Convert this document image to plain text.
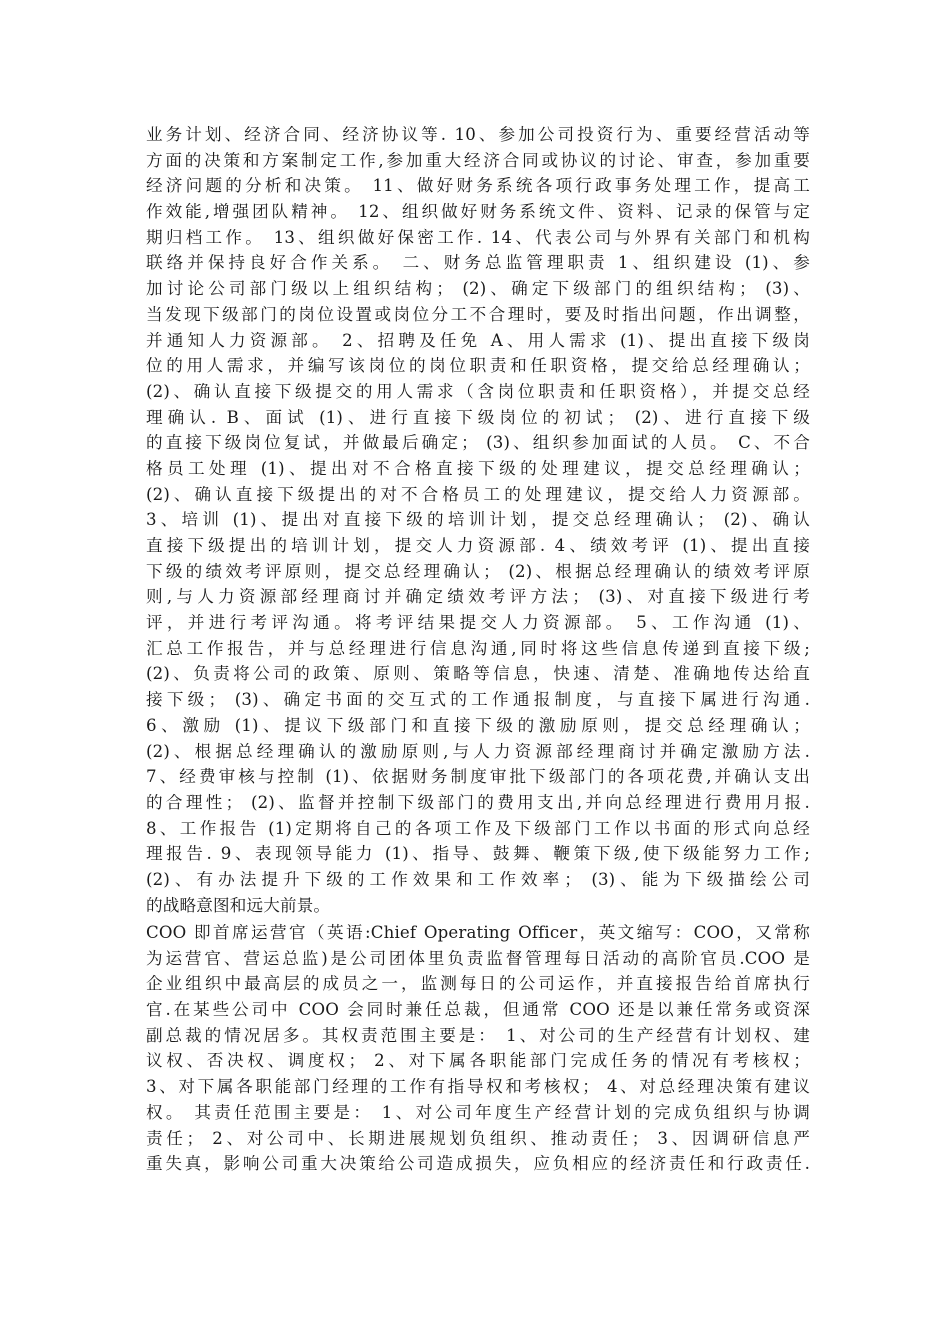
业务计划、经济合同、经济协议等. 10、参加公司投资行为、重要经营活动等
方面的决策和方案制定工作,参加重大经济合同或协议的讨论、审查，参加重要
经济问题的分析和决策。 11、做好财务系统各项行政事务处理工作，提高工
作效能,增强团队精神。 12、组织做好财务系统文件、资料、记录的保管与定
期归档工作。 13、组织做好保密工作. 14、代表公司与外界有关部门和机构
联络并保持良好合作关系。 二、财务总监管理职责 1、组织建设 (1)、参
加讨论公司部门级以上组织结构； (2)、确定下级部门的组织结构； (3)、
当发现下级部门的岗位设置或岗位分工不合理时，要及时指出问题，作出调整，
并通知人力资源部。 2、招聘及任免 A、用人需求 (1)、提出直接下级岗
位的用人需求，并编写该岗位的岗位职责和任职资格，提交给总经理确认；
(2)、确认直接下级提交的用人需求（含岗位职责和任职资格），并提交总经
理确认. B、面试 (1)、进行直接下级岗位的初试； (2)、进行直接下级
的直接下级岗位复试，并做最后确定； (3)、组织参加面试的人员。 C、不合
格员工处理 (1)、提出对不合格直接下级的处理建议，提交总经理确认；
(2)、确认直接下级提出的对不合格员工的处理建议，提交给人力资源部。
3、培训 (1)、提出对直接下级的培训计划，提交总经理确认； (2)、确认
直接下级提出的培训计划，提交人力资源部. 4、绩效考评 (1)、提出直接
下级的绩效考评原则，提交总经理确认； (2)、根据总经理确认的绩效考评原
则,与人力资源部经理商讨并确定绩效考评方法； (3)、对直接下级进行考
评，并进行考评沟通。将考评结果提交人力资源部。 5、工作沟通 (1)、
汇总工作报告，并与总经理进行信息沟通,同时将这些信息传递到直接下级;
(2)、负责将公司的政策、原则、策略等信息，快速、清楚、准确地传达给直
接下级； (3)、确定书面的交互式的工作通报制度，与直接下属进行沟通.
6、激励 (1)、提议下级部门和直接下级的激励原则，提交总经理确认；
(2)、根据总经理确认的激励原则,与人力资源部经理商讨并确定激励方法.
7、经费审核与控制 (1)、依据财务制度审批下级部门的各项花费,并确认支出
的合理性； (2)、监督并控制下级部门的费用支出,并向总经理进行费用月报.
8、工作报告 (1)定期将自己的各项工作及下级部门工作以书面的形式向总经
理报告. 9、表现领导能力 (1)、指导、鼓舞、鞭策下级,使下级能努力工作;
(2)、有办法提升下级的工作效果和工作效率； (3)、能为下级描绘公司
的战略意图和远大前景。
COO 即首席运营官（英语:Chief Operating Officer，英文缩写：COO，又常称
为运营官、营运总监)是公司团体里负责监督管理每日活动的高阶官员.COO 是
企业组织中最高层的成员之一，监测每日的公司运作，并直接报告给首席执行
官.在某些公司中 COO 会同时兼任总裁，但通常 COO 还是以兼任常务或资深
副总裁的情况居多。其权责范围主要是： 1、对公司的生产经营有计划权、建
议权、否决权、调度权； 2、对下属各职能部门完成任务的情况有考核权；
3、对下属各职能部门经理的工作有指导权和考核权； 4、对总经理决策有建议
权。 其责任范围主要是： 1、对公司年度生产经营计划的完成负组织与协调
责任； 2、对公司中、长期进展规划负组织、推动责任； 3、因调研信息严
重失真，影响公司重大决策给公司造成损失，应负相应的经济责任和行政责任.
